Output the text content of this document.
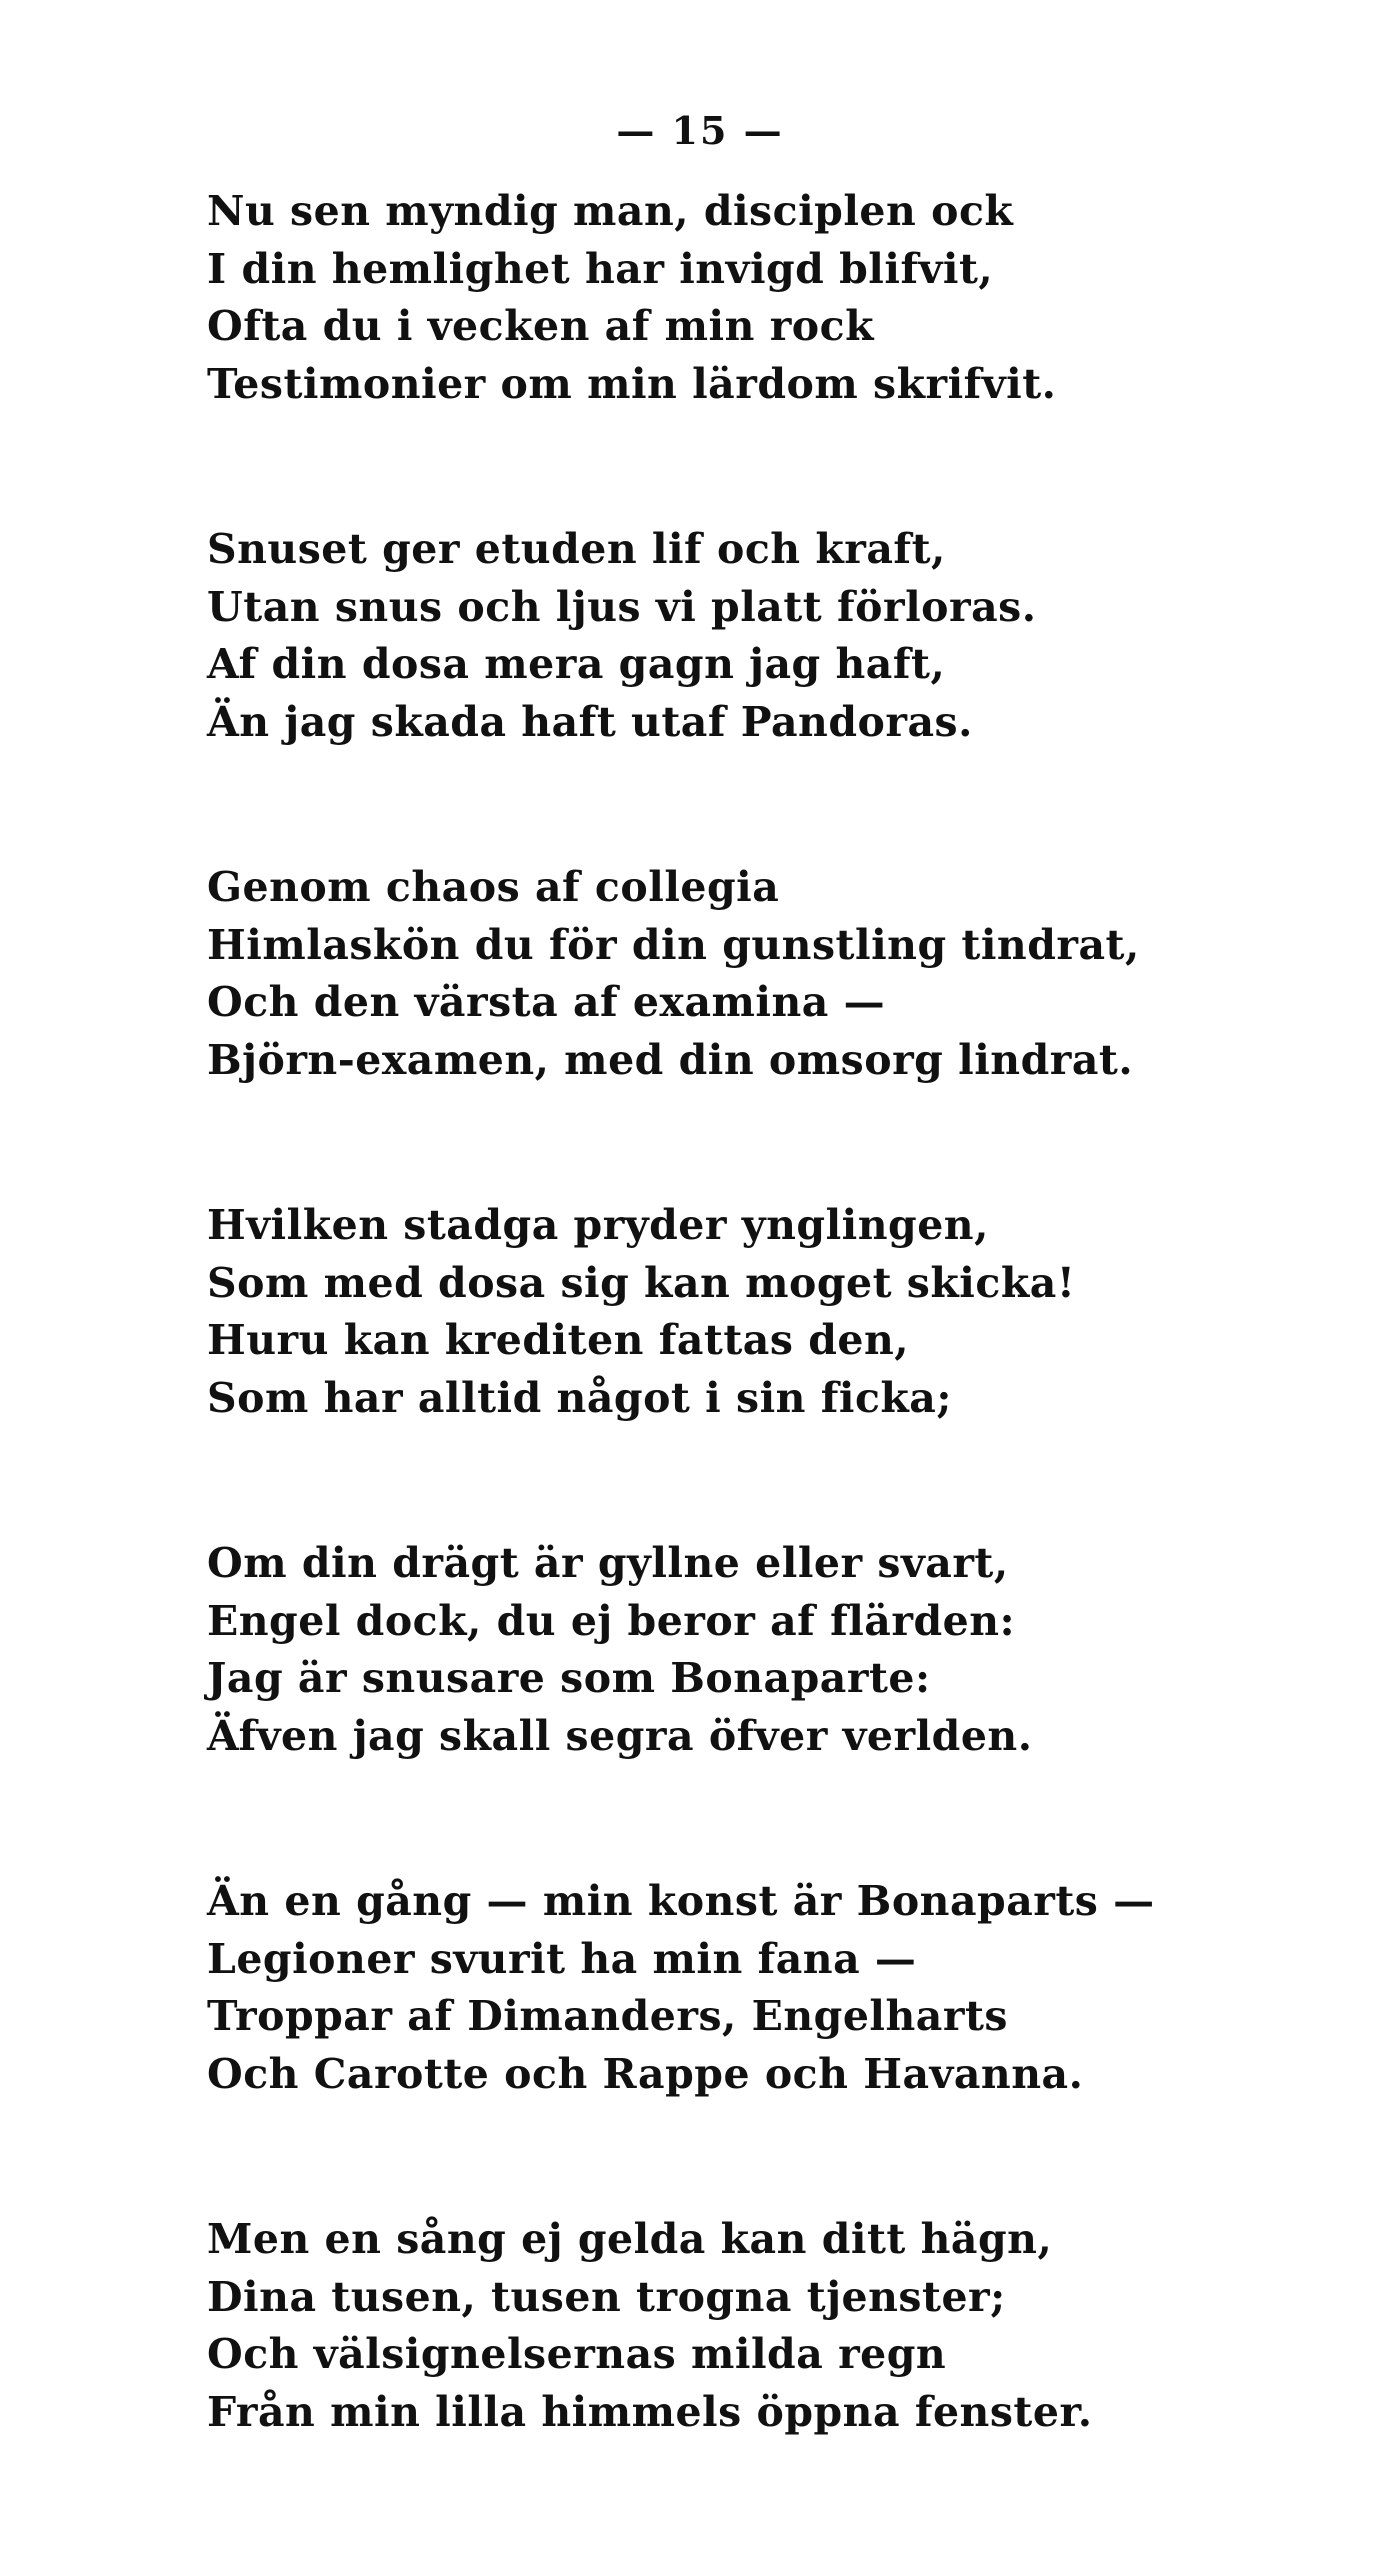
— 15 —
Nu sen myndig man, disciplen ock
I din hemlighet har invigd blifvit,
Ofta du i vecken af min rock
Testimonier om min lärdom skrifvit.
Snuset ger etuden lif och kraft,
Utan snus och ljus vi platt förloras.
Af din dosa mera gagn jag haft,
Än jag skada haft utaf Pandoras.
Genom chaos af collegia
Himlaskön du för din gunstling tindrat,
Och den värsta af examina —
Björn-examen, med din omsorg lindrat.
Hvilken stadga pryder ynglingen,
Som med dosa sig kan moget skicka!
Huru kan krediten fattas den,
Som har alltid något i sin ficka;
Om din drägt är gyllne eller svart,
Engel dock, du ej beror af flärden:
Jag är snusare som Bonaparte:
Äfven jag skall segra öfver verlden.
Än en gång — min konst är Bonaparts —
Legioner svurit ha min fana —
Troppar af Dimanders, Engelharts
Och Carotte och Rappe och Havanna.
Men en sång ej gelda kan ditt hägn,
Dina tusen, tusen trogna tjenster;
Och välsignelsernas milda regn
Från min lilla himmels öppna fenster.
